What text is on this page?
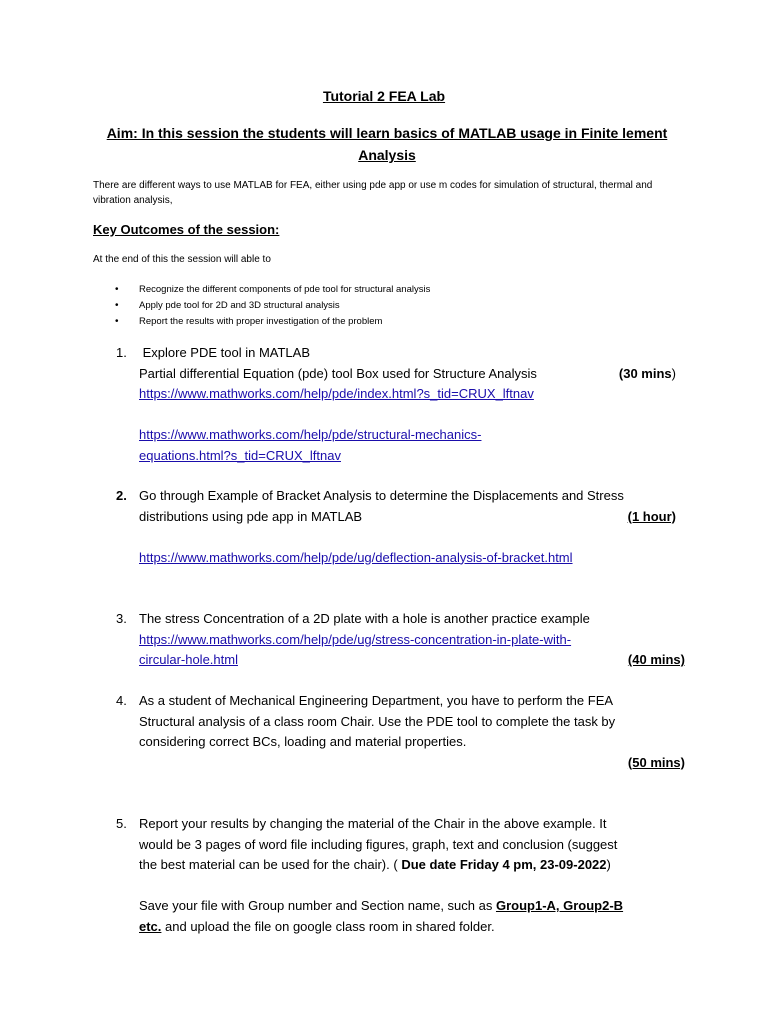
Tutorial 2 FEA Lab
Aim: In this session the students will learn basics of MATLAB usage in Finite lement Analysis
There are different ways to use MATLAB for FEA, either using pde app or use m codes for simulation of structural, thermal and vibration analysis,
Key Outcomes of the session:
At the end of this the session will able to
• Recognize the different components of pde tool for structural analysis
• Apply pde tool for 2D and 3D structural analysis
• Report the results with proper investigation of the problem
1. Explore PDE tool in MATLAB
Partial differential Equation (pde) tool Box used for Structure Analysis	(30 mins)
https://www.mathworks.com/help/pde/index.html?s_tid=CRUX_lftnav
https://www.mathworks.com/help/pde/structural-mechanics-
equations.html?s_tid=CRUX_lftnav
2. Go through Example of Bracket Analysis to determine the Displacements and Stress
distributions using pde app in MATLAB	(1 hour)
https://www.mathworks.com/help/pde/ug/deflection-analysis-of-bracket.html
3. The stress Concentration of a 2D plate with a hole is another practice example
https://www.mathworks.com/help/pde/ug/stress-concentration-in-plate-with-
circular-hole.html	(40 mins)
4. As a student of Mechanical Engineering Department, you have to perform the FEA
Structural analysis of a class room Chair. Use the PDE tool to complete the task by
considering correct BCs, loading and material properties.
(50 mins)
5. Report your results by changing the material of the Chair in the above example. It
would be 3 pages of word file including figures, graph, text and conclusion (suggest
the best material can be used for the chair). ( Due date Friday 4 pm, 23-09-2022)
Save your file with Group number and Section name, such as Group1-A, Group2-B
etc. and upload the file on google class room in shared folder.
